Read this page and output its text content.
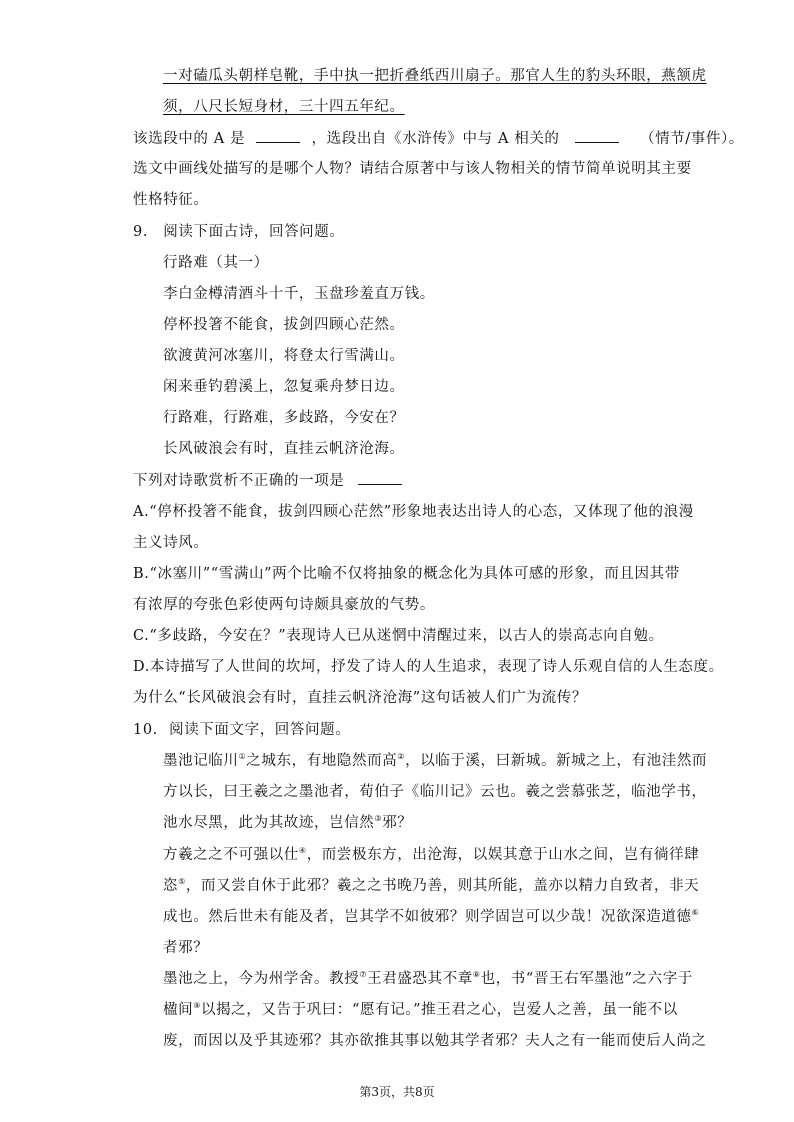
一对磕瓜头朝样皂靴，手中执一把折叠纸西川扇子。那官人生的豹头环眼，燕颔虎
须，八尺长短身材，三十四五年纪。
该选段中的 A 是	，选段出自《水浒传》中与 A 相关的	（情节/事件）。
选文中画线处描写的是哪个人物？请结合原著中与该人物相关的情节简单说明其主要
性格特征。
9. 阅读下面古诗，回答问题。
行路难（其一）
李白金樽清酒斗十千，玉盘珍羞直万钱。
停杯投箸不能食，拔剑四顾心茫然。
欲渡黄河冰塞川，将登太行雪满山。
闲来垂钓碧溪上，忽复乘舟梦日边。
行路难，行路难，多歧路，今安在？
长风破浪会有时，直挂云帆济沧海。
下列对诗歌赏析不正确的一项是
A.“停杯投箸不能食，拔剑四顾心茫然”形象地表达出诗人的心态，又体现了他的浪漫
主义诗风。
B.“冰塞川”“雪满山”两个比喻不仅将抽象的概念化为具体可感的形象，而且因其带
有浓厚的夸张色彩使两句诗颇具豪放的气势。
C.“多歧路，今安在？”表现诗人已从迷惘中清醒过来，以古人的崇高志向自勉。
D.本诗描写了人世间的坎坷，抒发了诗人的人生追求，表现了诗人乐观自信的人生态度。
为什么“长风破浪会有时，直挂云帆济沧海”这句话被人们广为流传？
10. 阅读下面文字，回答问题。
墨池记临川①之城东，有地隐然而高②，以临于溪，曰新城。新城之上，有池洼然而
方以长，曰王羲之之墨池者，荀伯子《临川记》云也。羲之尝慕张芝，临池学书，
池水尽黑，此为其故迹，岂信然③邪？
方羲之之不可强以仕④，而尝极东方，出沧海，以娱其意于山水之间，岂有徜徉肆
恣⑤，而又尝自休于此邪？羲之之书晚乃善，则其所能，盖亦以精力自致者，非天
成也。然后世未有能及者，岂其学不如彼邪？则学固岂可以少哉！况欲深造道德⑥
者邪？
墨池之上，今为州学舍。教授⑦王君盛恐其不章⑧也，书“晋王右军墨池”之六字于
楹间⑨以揭之，又告于巩曰：“愿有记。”推王君之心，岂爱人之善，虽一能不以
废，而因以及乎其迹邪？其亦欲推其事以勉其学者邪？夫人之有一能而使后人尚之
第3页，共8页
